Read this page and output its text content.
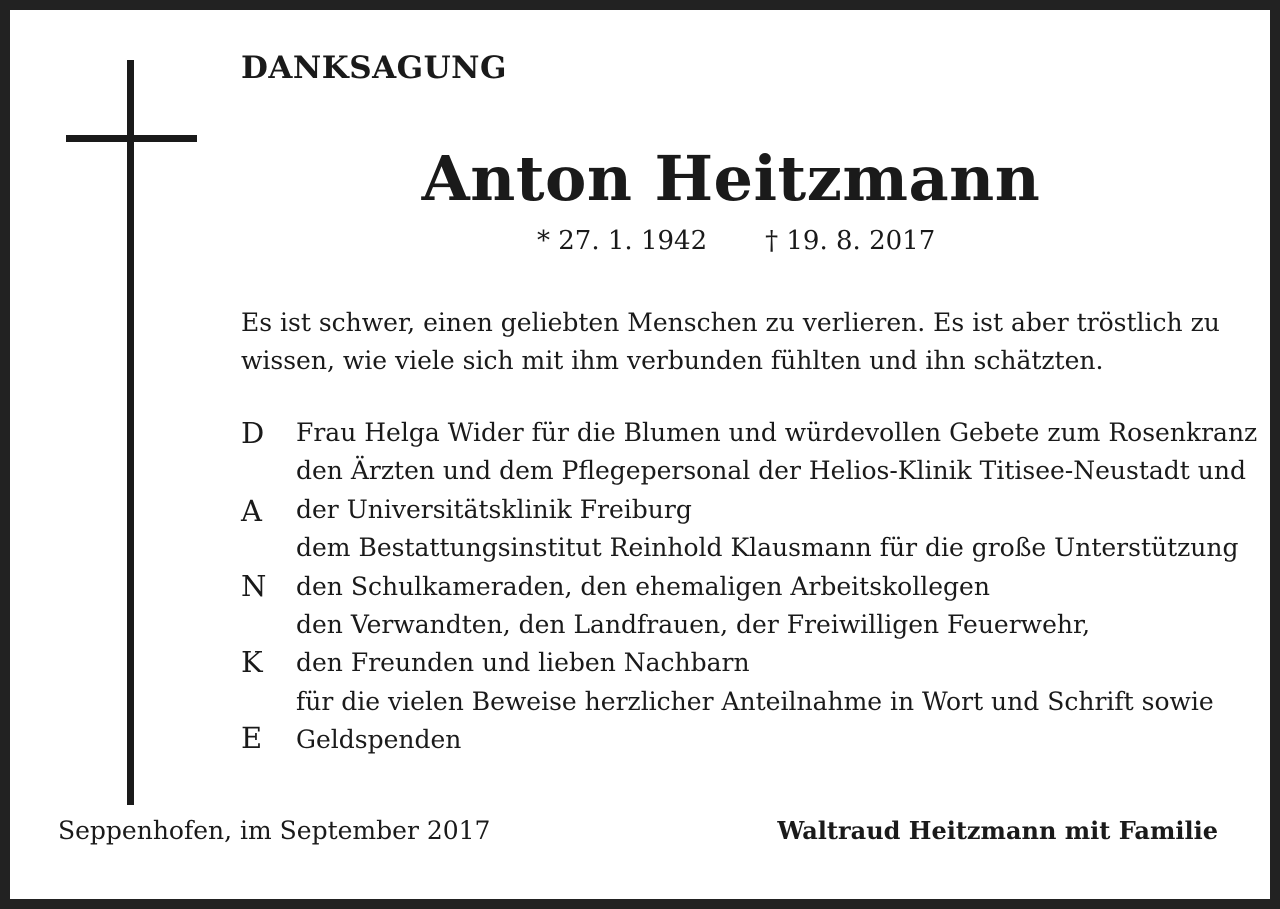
DANKSAGUNG
Anton Heitzmann
* 27. 1. 1942 † 19. 8. 2017
Es ist schwer, einen geliebten Menschen zu verlieren. Es ist aber tröstlich zu
wissen, wie viele sich mit ihm verbunden fühlten und ihn schätzten.
D
A
N
K
E
Frau Helga Wider für die Blumen und würdevollen Gebete zum Rosenkranz
den Ärzten und dem Pflegepersonal der Helios-Klinik Titisee-Neustadt und
der Universitätsklinik Freiburg
dem Bestattungsinstitut Reinhold Klausmann für die große Unterstützung
den Schulkameraden, den ehemaligen Arbeitskollegen
den Verwandten, den Landfrauen, der Freiwilligen Feuerwehr,
den Freunden und lieben Nachbarn
für die vielen Beweise herzlicher Anteilnahme in Wort und Schrift sowie
Geldspenden
Seppenhofen, im September 2017	Waltraud Heitzmann mit Familie
